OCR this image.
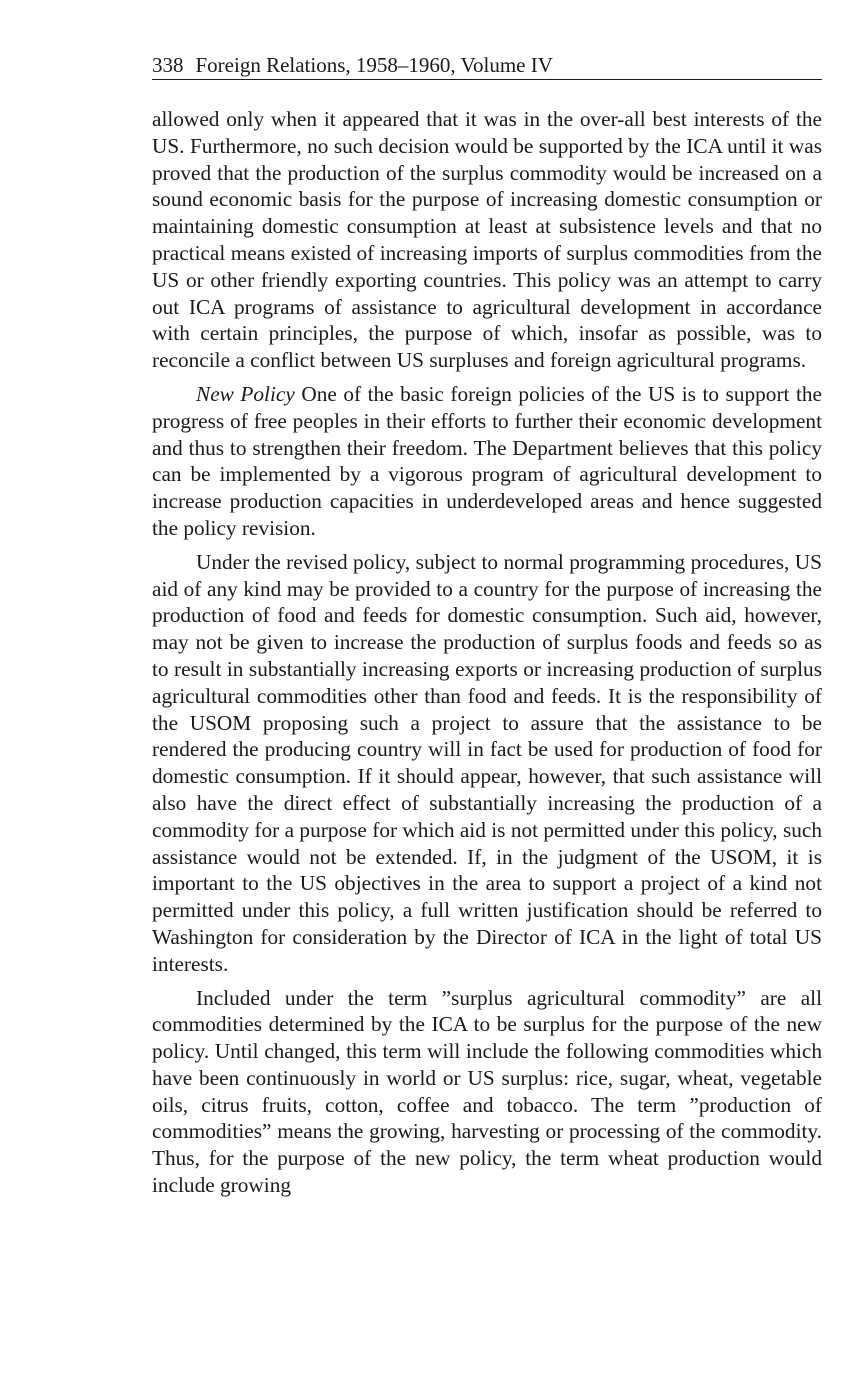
338 Foreign Relations, 1958–1960, Volume IV

allowed only when it appeared that it was in the over-all best interests of the US. Furthermore, no such decision would be supported by the ICA until it was proved that the production of the surplus commodity would be increased on a sound economic basis for the purpose of increasing domestic consumption or maintaining domestic consumption at least at subsistence levels and that no practical means existed of increasing imports of surplus commodities from the US or other friendly exporting countries. This policy was an attempt to carry out ICA programs of assistance to agricultural development in accordance with certain principles, the purpose of which, insofar as possible, was to reconcile a conflict between US surpluses and foreign agricultural programs.

New Policy One of the basic foreign policies of the US is to support the progress of free peoples in their efforts to further their economic development and thus to strengthen their freedom. The Department believes that this policy can be implemented by a vigorous program of agricultural development to increase production capacities in underdeveloped areas and hence suggested the policy revision.

Under the revised policy, subject to normal programming procedures, US aid of any kind may be provided to a country for the purpose of increasing the production of food and feeds for domestic consumption. Such aid, however, may not be given to increase the production of surplus foods and feeds so as to result in substantially increasing exports or increasing production of surplus agricultural commodities other than food and feeds. It is the responsibility of the USOM proposing such a project to assure that the assistance to be rendered the producing country will in fact be used for production of food for domestic consumption. If it should appear, however, that such assistance will also have the direct effect of substantially increasing the production of a commodity for a purpose for which aid is not permitted under this policy, such assistance would not be extended. If, in the judgment of the USOM, it is important to the US objectives in the area to support a project of a kind not permitted under this policy, a full written justification should be referred to Washington for consideration by the Director of ICA in the light of total US interests.

Included under the term ”surplus agricultural commodity” are all commodities determined by the ICA to be surplus for the purpose of the new policy. Until changed, this term will include the following commodities which have been continuously in world or US surplus: rice, sugar, wheat, vegetable oils, citrus fruits, cotton, coffee and tobacco. The term ”production of commodities” means the growing, harvesting or processing of the commodity. Thus, for the purpose of the new policy, the term wheat production would include growing
